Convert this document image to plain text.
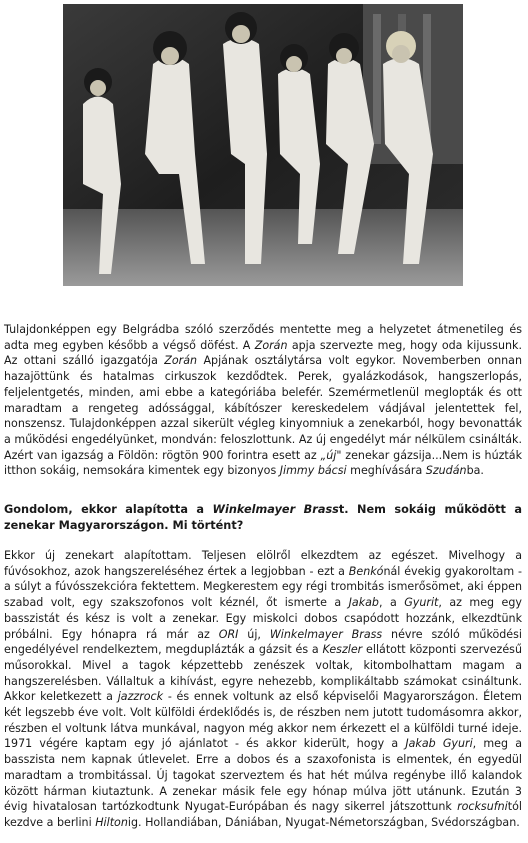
Tulajdonképpen egy Belgrádba szóló szerződés mentette meg a helyzetet átmenetileg és adta meg egyben később a végső döfést. A Zorán apja szervezte meg, hogy oda kijussunk. Az ottani szálló igazgatója Zorán Apjának osztálytársa volt egykor. Novemberben onnan hazajöttünk és hatalmas cirkuszok kezdődtek. Perek, gyalázkodások, hangszerlopás, feljelentgetés, minden, ami ebbe a kategóriába belefér. Szemérmetlenül meglopták és ott maradtam a rengeteg adóssággal, kábítószer kereskedelem vádjával jelentettek fel, nonszensz. Tulajdonképpen azzal sikerült végleg kinyomniuk a zenekarból, hogy bevonatták a működési engedélyünket, mondván: feloszlottunk. Az új engedélyt már nélkülem csinálták. Azért van igazság a Földön: rögtön 900 forintra esett az „új" zenekar gázsija...Nem is húzták itthon sokáig, nemsokára kimentek egy bizonyos Jimmy bácsi meghívására Szudánba.

Gondolom, ekkor alapította a Winkelmayer Brasst. Nem sokáig működött a zenekar Magyarországon. Mi történt?

Ekkor új zenekart alapítottam. Teljesen elölről elkezdtem az egészet. Mivelhogy a fúvósokhoz, azok hangszereléséhez értek a legjobban - ezt a Benkónál évekig gyakoroltam - a súlyt a fúvósszekcióra fektettem. Megkerestem egy régi trombitás ismerősömet, aki éppen szabad volt, egy szakszofonos volt kéznél, őt ismerte a Jakab, a Gyurit, az meg egy basszistát és kész is volt a zenekar. Egy miskolci dobos csapódott hozzánk, elkezdtünk próbálni. Egy hónapra rá már az ORI új, Winkelmayer Brass névre szóló működési engedélyével rendelkeztem, megduplázták a gázsit és a Keszler ellátott központi szervezésű műsorokkal. Mivel a tagok képzettebb zenészek voltak, kitombolhattam magam a hangszerelésben. Vállaltuk a kihívást, egyre nehezebb, komplikáltabb számokat csináltunk. Akkor keletkezett a jazzrock - és ennek voltunk az első képviselői Magyarországon. Életem két legszebb éve volt. Volt külföldi érdeklődés is, de részben nem jutott tudomásomra akkor, részben el voltunk látva munkával, nagyon még akkor nem érkezett el a külföldi turné ideje. 1971 végére kaptam egy jó ajánlatot - és akkor kiderült, hogy a Jakab Gyuri, meg a basszista nem kapnak útlevelet. Erre a dobos és a szaxofonista is elmentek, én egyedül maradtam a trombitással. Új tagokat szerveztem és hat hét múlva regénybe illő kalandok között hárman kiutaztunk. A zenekar másik fele egy hónap múlva jött utánunk. Ezután 3 évig hivatalosan tartózkodtunk Nyugat-Európában és nagy sikerrel játszottunk rocksufnitól kezdve a berlini Hiltonig. Hollandiában, Dániában, Nyugat-Németországban, Svédországban.
